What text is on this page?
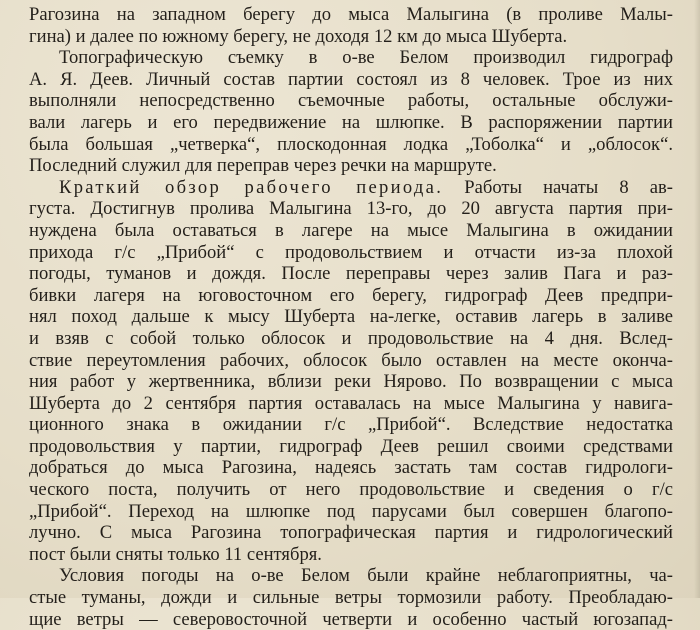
Рагозина на западном берегу до мыса Малыгина (в проливе Малы-
гина) и далее по южному берегу, не доходя 12 км до мыса Шуберта.
Топографическую съемку в о-ве Белом производил гидрограф
А. Я. Деев. Личный состав партии состоял из 8 человек. Трое из них
выполняли непосредственно съемочные работы, остальные обслужи-
вали лагерь и его передвижение на шлюпке. В распоряжении партии
была большая „четверка“, плоскодонная лодка „Тоболка“ и „облосок“.
Последний служил для переправ через речки на маршруте.
Краткий обзор рабочего периода. Работы начаты 8 ав-
густа. Достигнув пролива Малыгина 13-го, до 20 августа партия при-
нуждена была оставаться в лагере на мысе Малыгина в ожидании
прихода г/с „Прибой“ с продовольствием и отчасти из-за плохой
погоды, туманов и дождя. После переправы через залив Пага и раз-
бивки лагеря на юговосточном его берегу, гидрограф Деев предпри-
нял поход дальше к мысу Шуберта на-легке, оставив лагерь в заливе
и взяв с собой только облосок и продовольствие на 4 дня. Вслед-
ствие переутомления рабочих, облосок было оставлен на месте оконча-
ния работ у жертвенника, вблизи реки Нярово. По возвращении с мыса
Шуберта до 2 сентября партия оставалась на мысе Малыгина у навига-
ционного знака в ожидании г/с „Прибой“. Вследствие недостатка
продовольствия у партии, гидрограф Деев решил своими средствами
добраться до мыса Рагозина, надеясь застать там состав гидрологи-
ческого поста, получить от него продовольствие и сведения о г/с
„Прибой“. Переход на шлюпке под парусами был совершен благопо-
лучно. С мыса Рагозина топографическая партия и гидрологический
пост были сняты только 11 сентября.
Условия погоды на о-ве Белом были крайне неблагоприятны, ча-
стые туманы, дожди и сильные ветры тормозили работу. Преобладаю-
щие ветры — северовосточной четверти и особенно частый югозапад-
